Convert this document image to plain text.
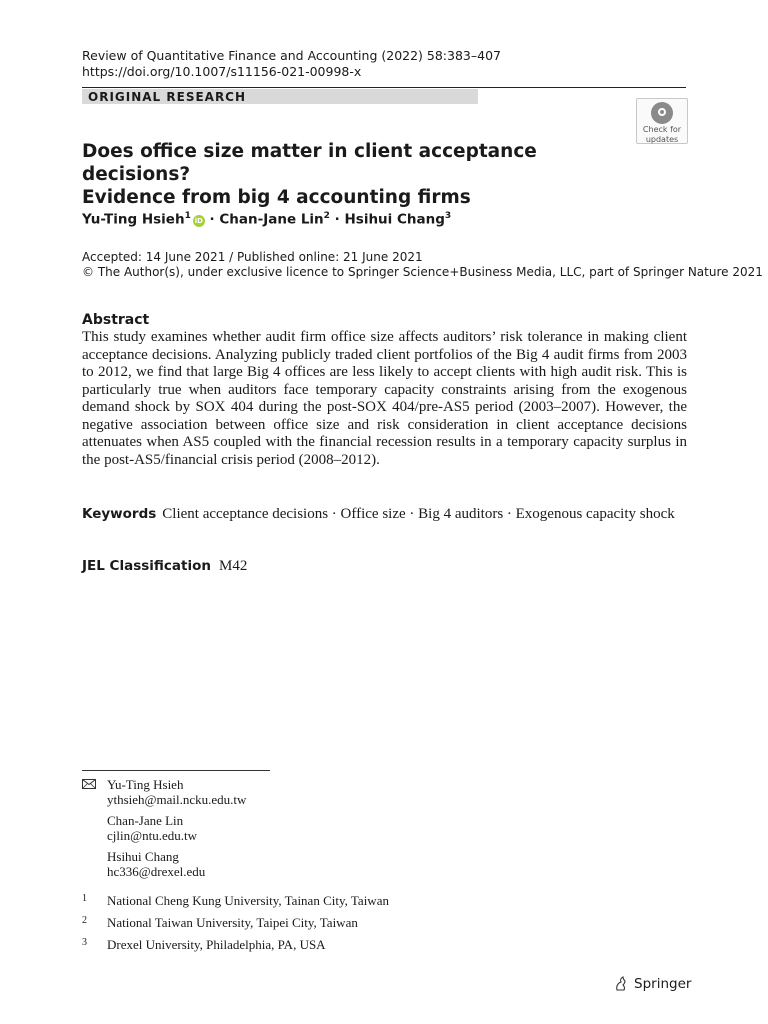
Review of Quantitative Finance and Accounting (2022) 58:383–407
https://doi.org/10.1007/s11156-021-00998-x
ORIGINAL RESEARCH
Check for
updates
Does office size matter in client acceptance decisions?
Evidence from big 4 accounting firms
Yu-Ting Hsieh$^1$ iD · Chan-Jane Lin$^2$ · Hsihui Chang$^3$
Accepted: 14 June 2021 / Published online: 21 June 2021
© The Author(s), under exclusive licence to Springer Science+Business Media, LLC, part of Springer Nature 2021
Abstract
This study examines whether audit firm office size affects auditors’ risk tolerance in making client acceptance decisions. Analyzing publicly traded client portfolios of the Big 4 audit firms from 2003 to 2012, we find that large Big 4 offices are less likely to accept clients with high audit risk. This is particularly true when auditors face temporary capacity constraints arising from the exogenous demand shock by SOX 404 during the post-SOX 404/pre-AS5 period (2003–2007). However, the negative association between office size and risk consideration in client acceptance decisions attenuates when AS5 coupled with the financial recession results in a temporary capacity surplus in the post-AS5/financial crisis period (2008–2012).
Keywords Client acceptance decisions · Office size · Big 4 auditors · Exogenous capacity shock
JEL Classification M42
Yu-Ting Hsieh
ythsieh@mail.ncku.edu.tw
Chan-Jane Lin
cjlin@ntu.edu.tw
Hsihui Chang
hc336@drexel.edu
1 National Cheng Kung University, Tainan City, Taiwan
2 National Taiwan University, Taipei City, Taiwan
3 Drexel University, Philadelphia, PA, USA
Springer
